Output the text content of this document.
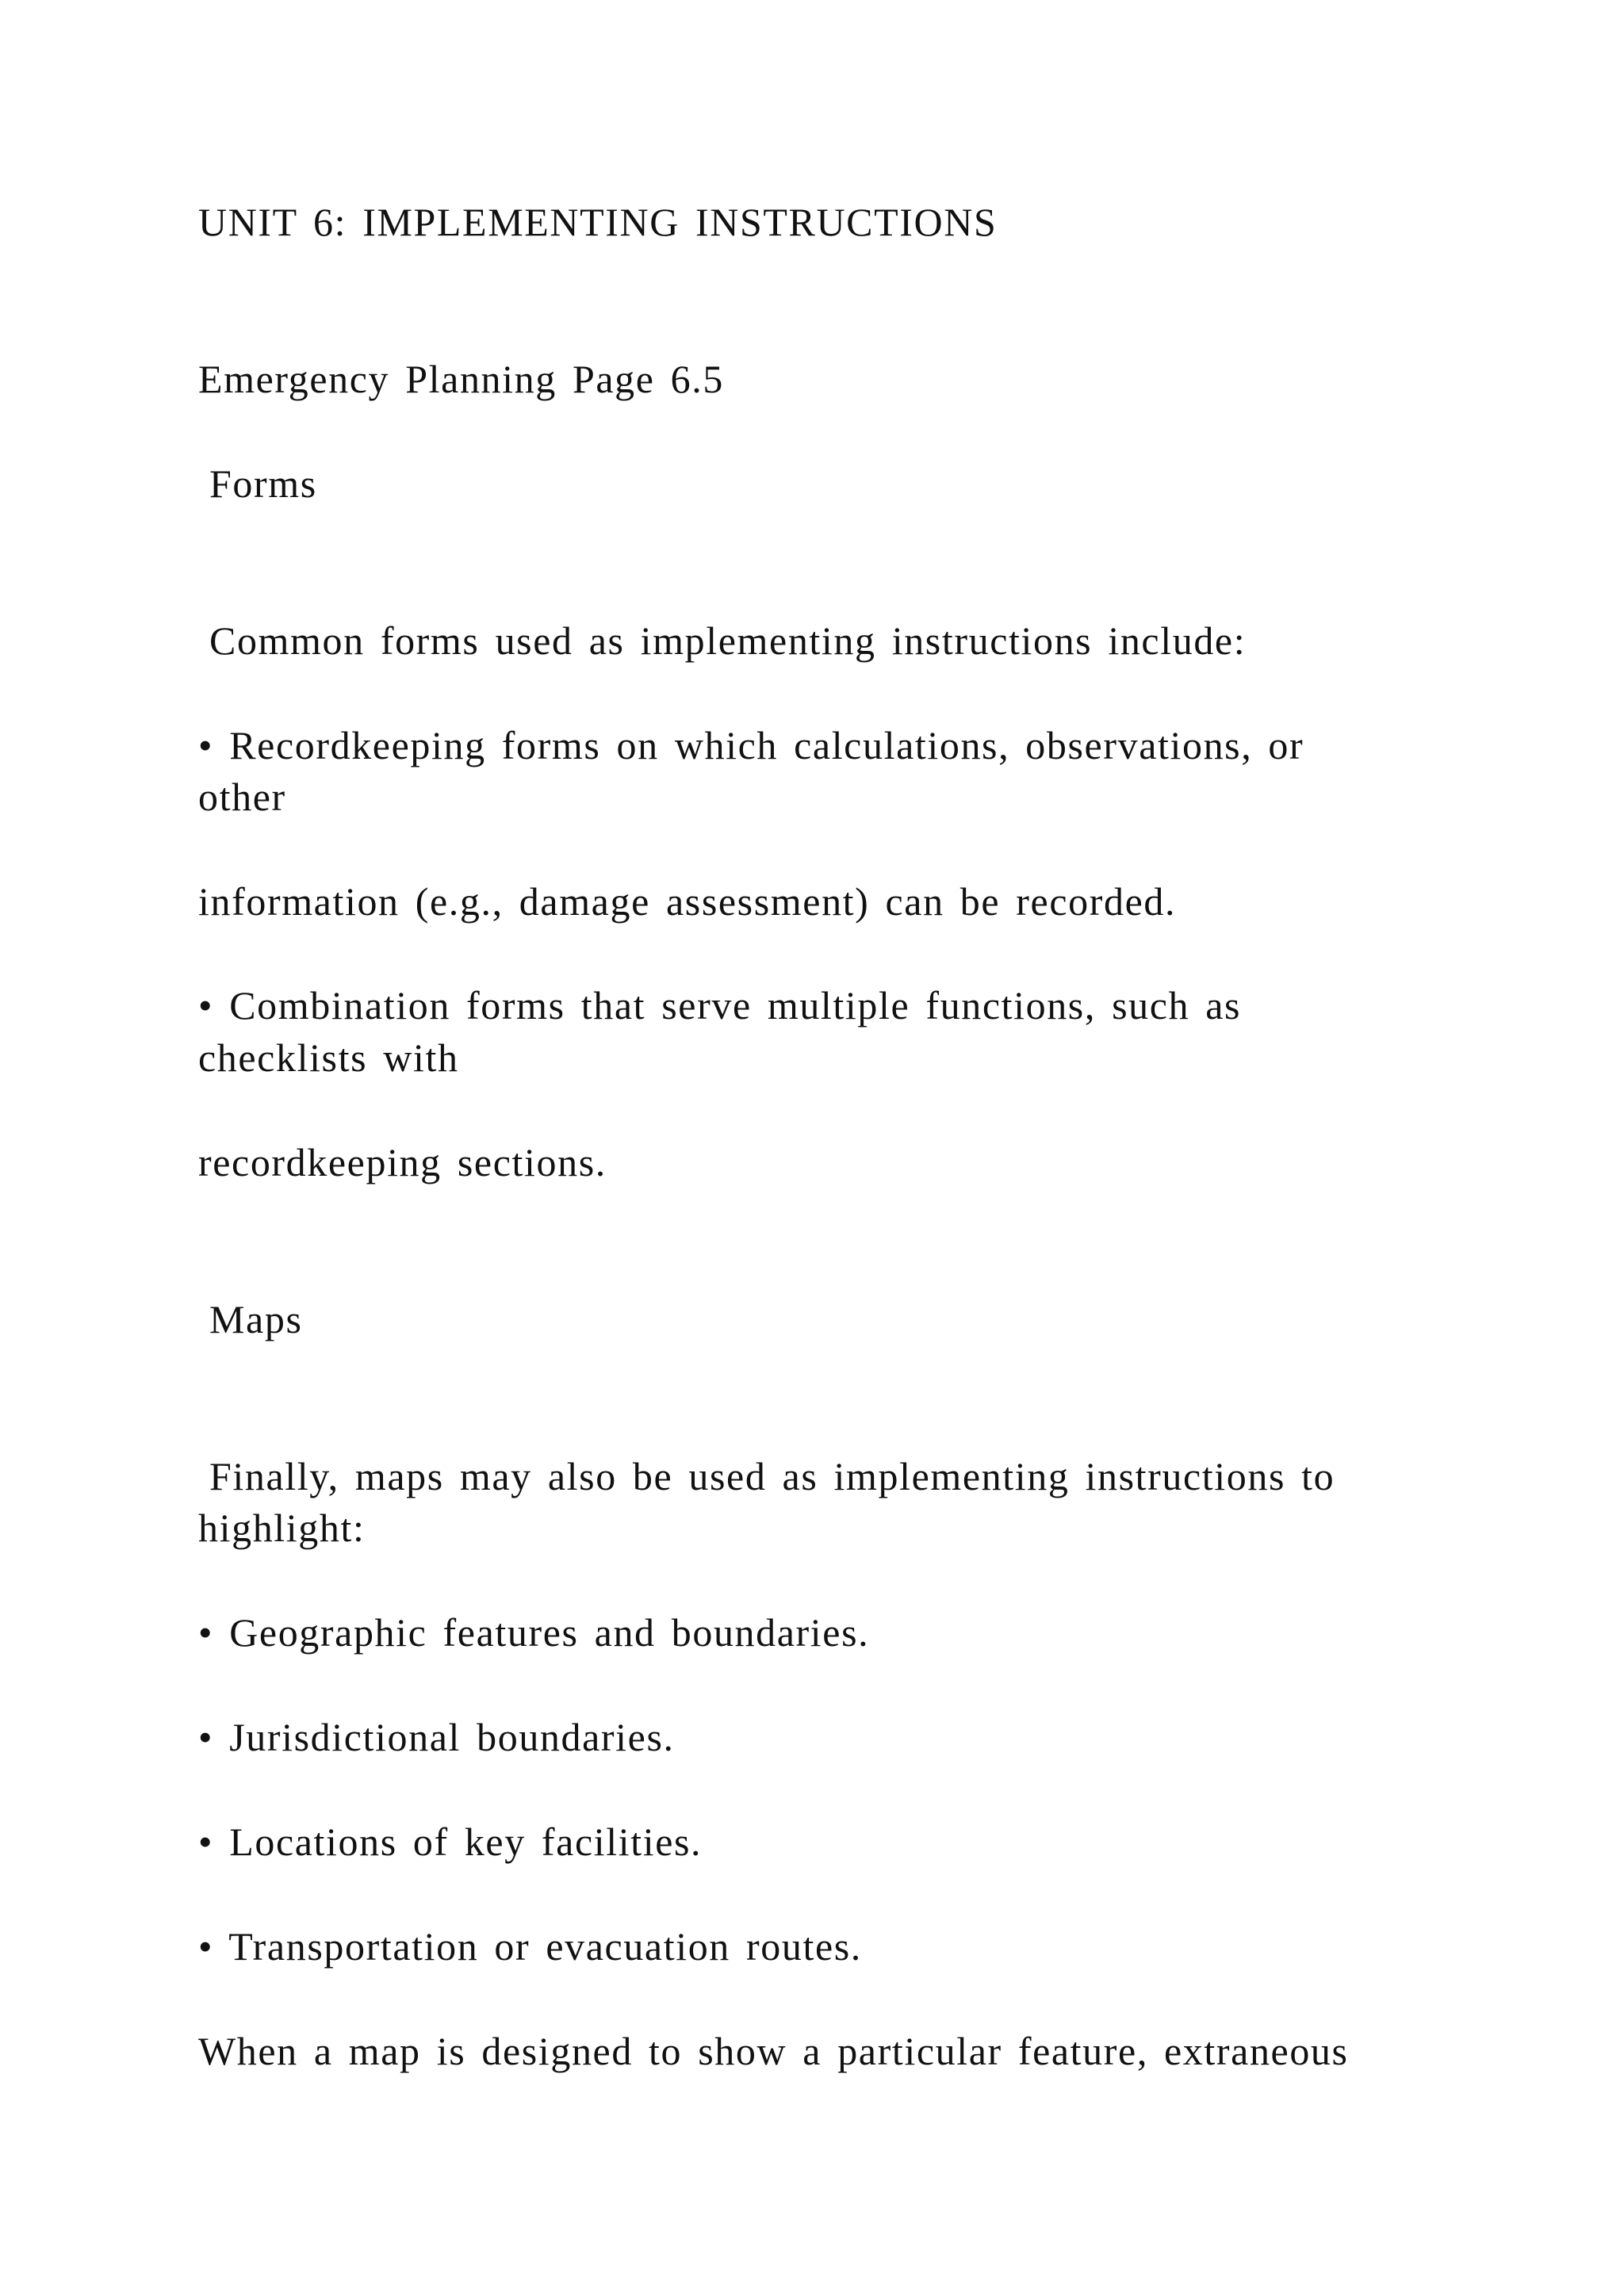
UNIT 6: IMPLEMENTING INSTRUCTIONS
Emergency Planning Page 6.5
Forms
Common forms used as implementing instructions include:
• Recordkeeping forms on which calculations, observations, or
other
information (e.g., damage assessment) can be recorded.
• Combination forms that serve multiple functions, such as
checklists with
recordkeeping sections.
Maps
Finally, maps may also be used as implementing instructions to
highlight:
• Geographic features and boundaries.
• Jurisdictional boundaries.
• Locations of key facilities.
• Transportation or evacuation routes.
When a map is designed to show a particular feature, extraneous
